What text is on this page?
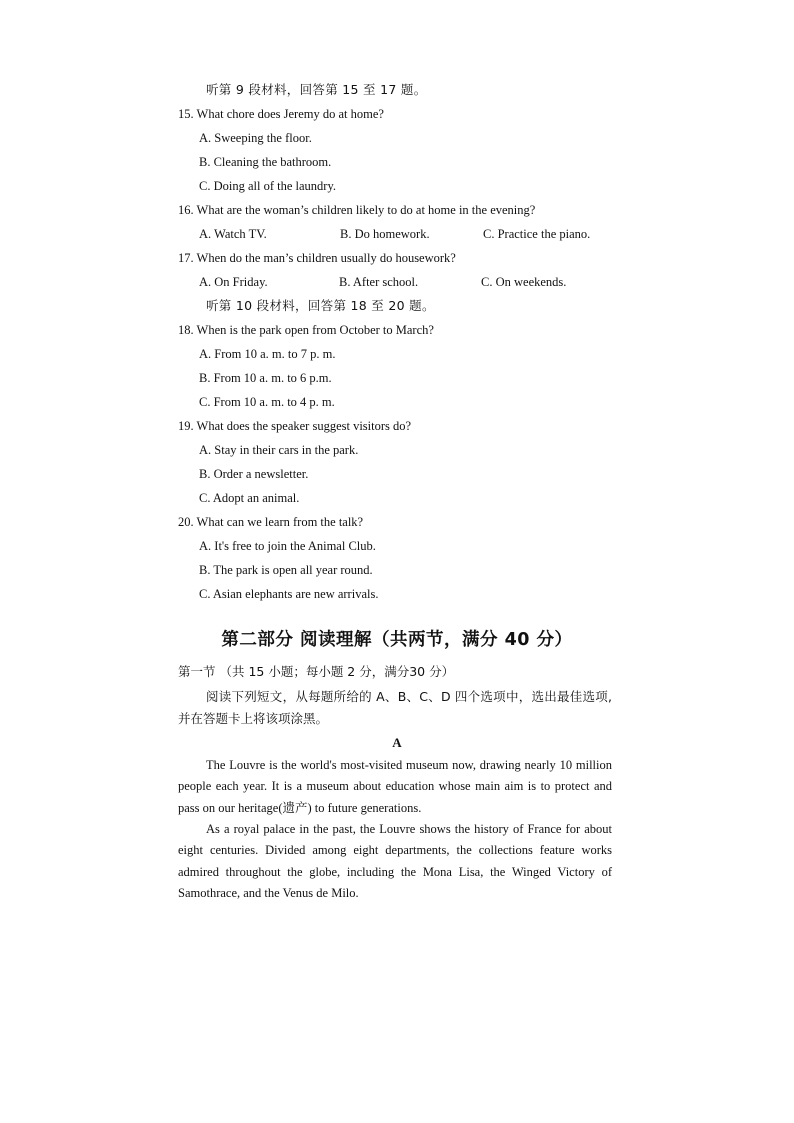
听第 9 段材料，回答第 15 至 17 题。
15. What chore does Jeremy do at home?
A. Sweeping the floor.
B. Cleaning the bathroom.
C. Doing all of the laundry.
16. What are the woman’s children likely to do at home in the evening?
A. Watch TV.	B. Do homework.	C. Practice the piano.
17. When do the man’s children usually do housework?
A. On Friday.	B. After school.	C. On weekends.
听第 10 段材料，回答第 18 至 20 题。
18. When is the park open from October to March?
A. From 10 a. m. to 7 p. m.
B. From 10 a. m. to 6 p.m.
C. From 10 a. m. to 4 p. m.
19. What does the speaker suggest visitors do?
A. Stay in their cars in the park.
B. Order a newsletter.
C. Adopt an animal.
20. What can we learn from the talk?
A. It's free to join the Animal Club.
B. The park is open all year round.
C. Asian elephants are new arrivals.
第二部分 阅读理解（共两节，满分 40 分）
第一节 （共 15 小题；每小题 2 分，满分30 分）
阅读下列短文，从每题所给的 A、B、C、D 四个选项中，选出最佳选项, 并在答题卡上将该项涂黑。
A
The Louvre is the world's most-visited museum now, drawing nearly 10 million people each year. It is a museum about education whose main aim is to protect and pass on our heritage(遗产) to future generations.
As a royal palace in the past, the Louvre shows the history of France for about eight centuries. Divided among eight departments, the collections feature works admired throughout the globe, including the Mona Lisa, the Winged Victory of Samothrace, and the Venus de Milo.
